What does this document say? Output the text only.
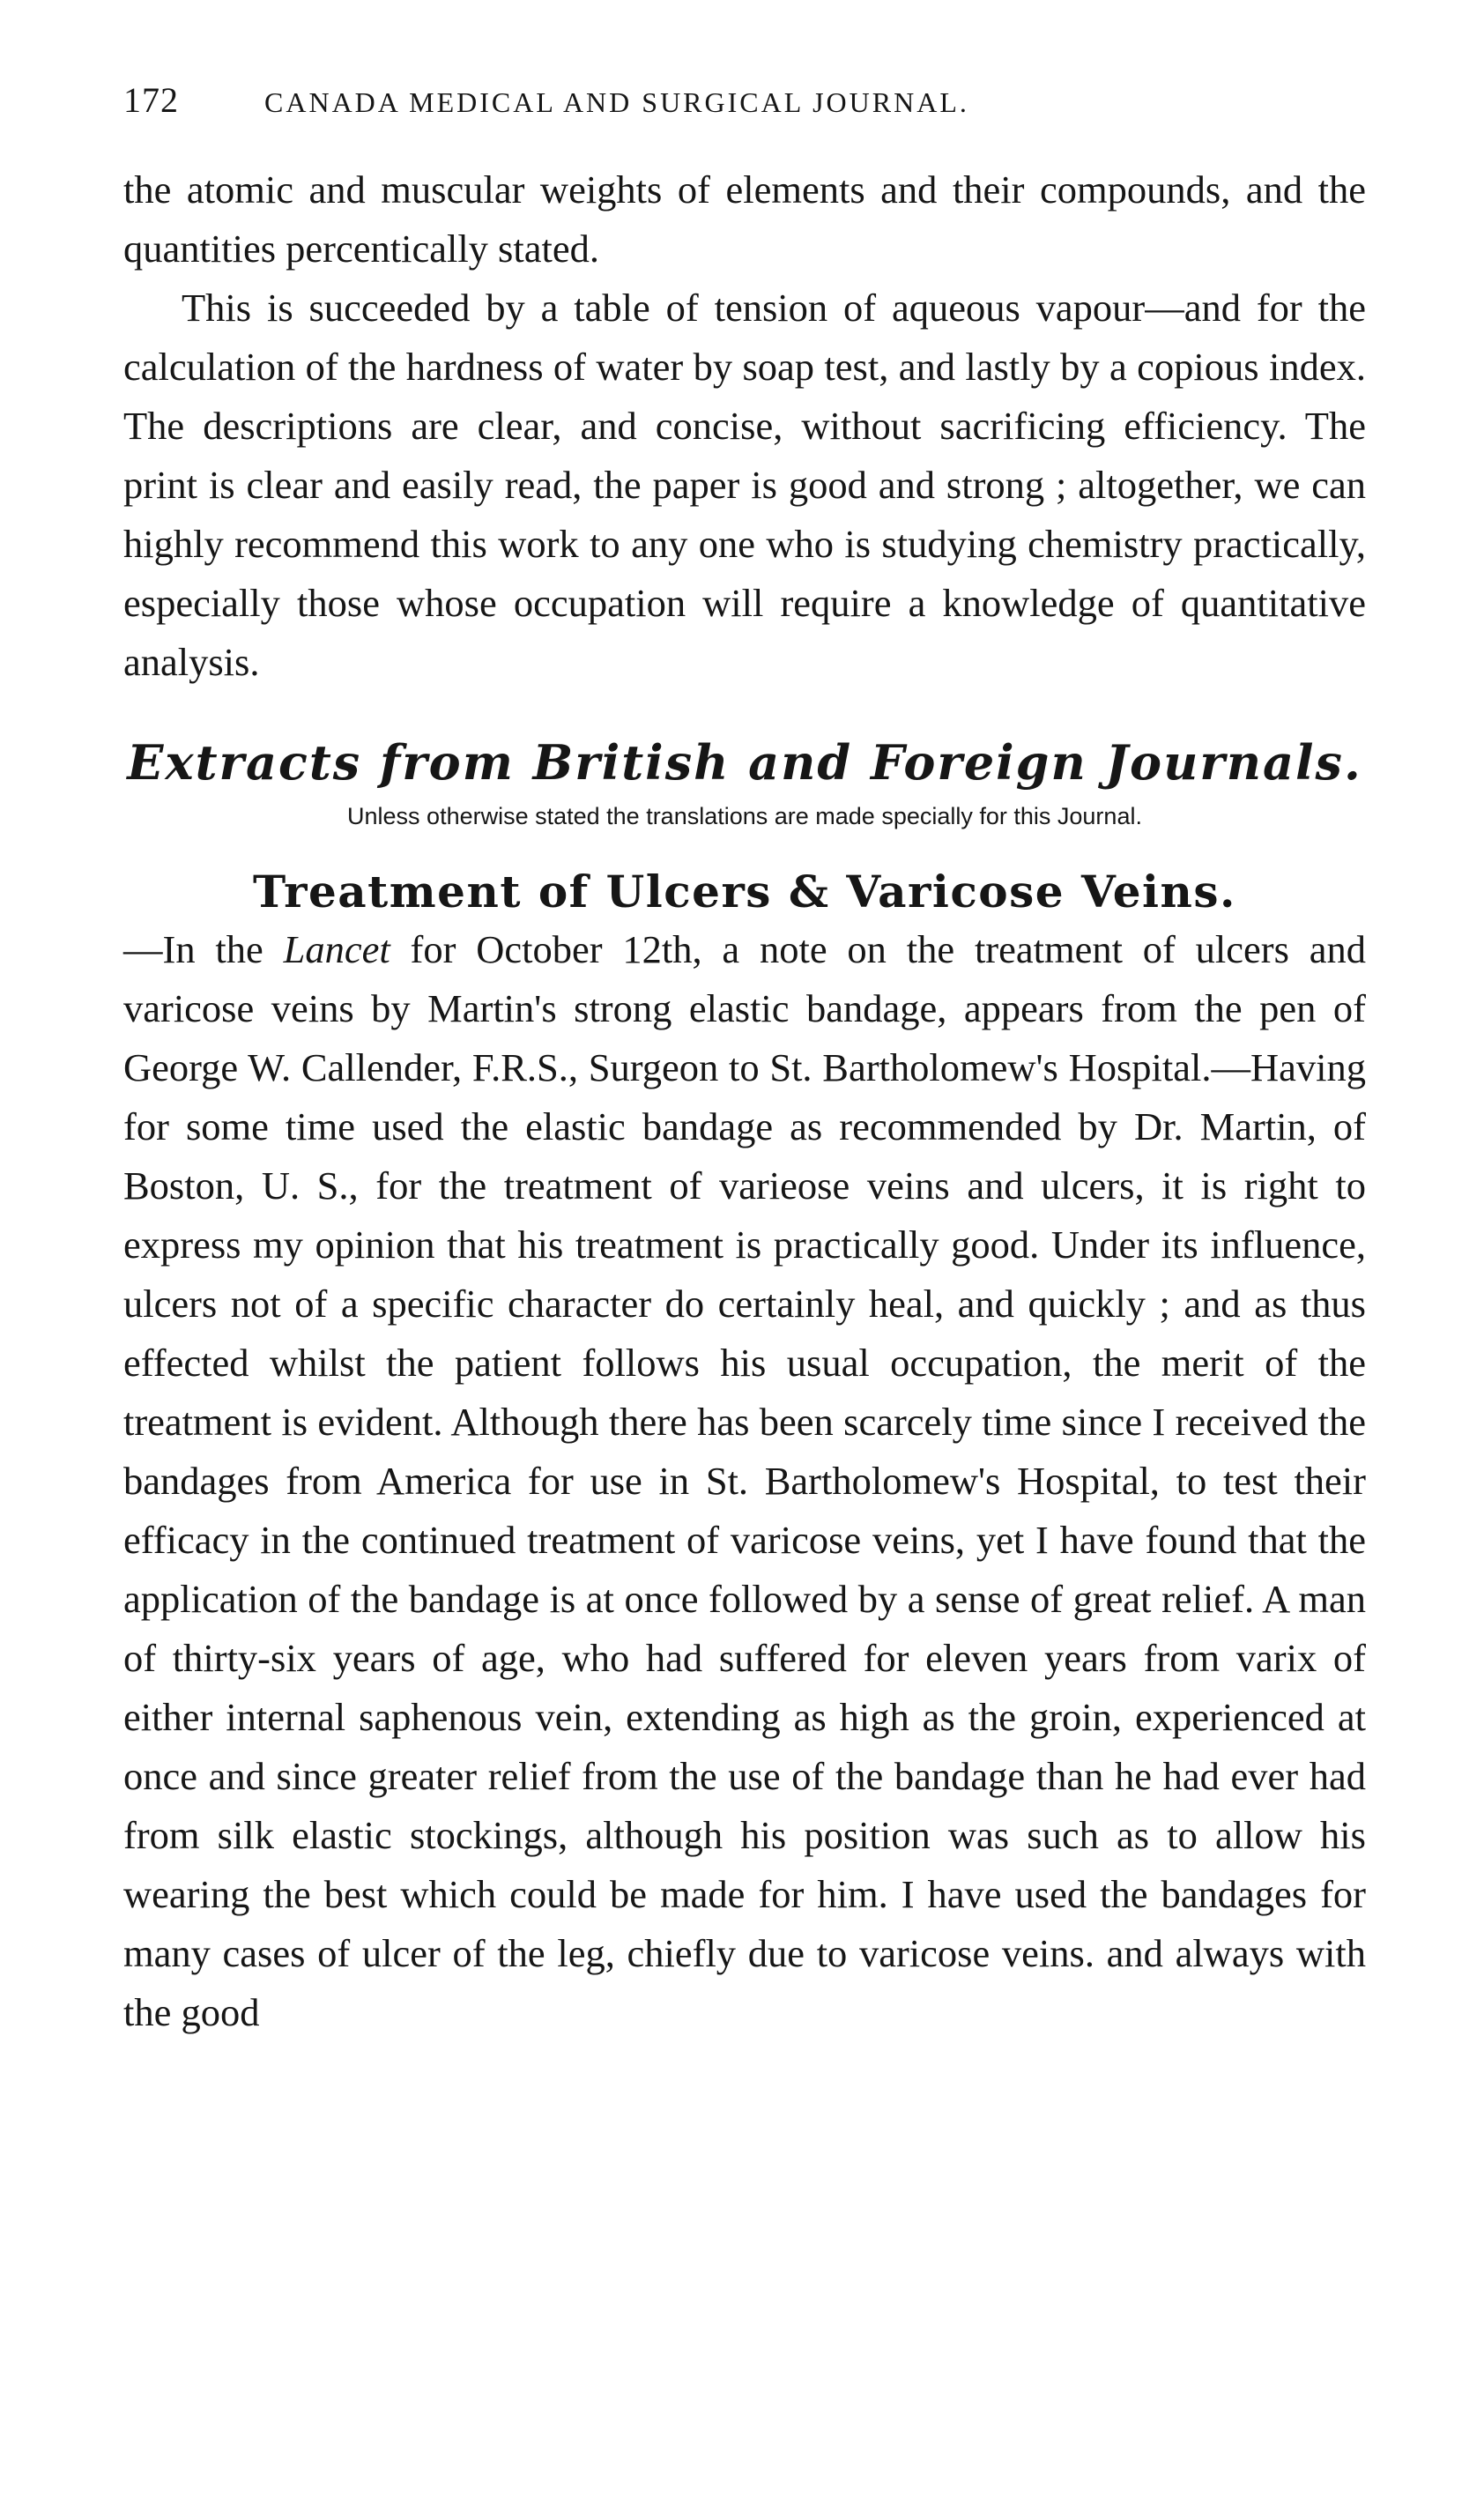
172	CANADA MEDICAL AND SURGICAL JOURNAL.

the atomic and muscular weights of elements and their compounds, and the quantities percentically stated.

This is succeeded by a table of tension of aqueous vapour—and for the calculation of the hardness of water by soap test, and lastly by a copious index. The descriptions are clear, and concise, without sacrificing efficiency. The print is clear and easily read, the paper is good and strong ; altogether, we can highly recommend this work to any one who is studying chemistry practically, especially those whose occupation will require a knowledge of quantitative analysis.

Extracts from British and Foreign Journals.
Unless otherwise stated the translations are made specially for this Journal.
Treatment of Ulcers & Varicose Veins.

—In the Lancet for October 12th, a note on the treatment of ulcers and varicose veins by Martin's strong elastic bandage, appears from the pen of George W. Callender, F.R.S., Surgeon to St. Bartholomew's Hospital.—Having for some time used the elastic bandage as recommended by Dr. Martin, of Boston, U. S., for the treatment of varieose veins and ulcers, it is right to express my opinion that his treatment is practically good. Under its influence, ulcers not of a specific character do certainly heal, and quickly ; and as thus effected whilst the patient follows his usual occupation, the merit of the treatment is evident. Although there has been scarcely time since I received the bandages from America for use in St. Bartholomew's Hospital, to test their efficacy in the continued treatment of varicose veins, yet I have found that the application of the bandage is at once followed by a sense of great relief. A man of thirty-six years of age, who had suffered for eleven years from varix of either internal saphenous vein, extending as high as the groin, experienced at once and since greater relief from the use of the bandage than he had ever had from silk elastic stockings, although his position was such as to allow his wearing the best which could be made for him. I have used the bandages for many cases of ulcer of the leg, chiefly due to varicose veins. and always with the good
